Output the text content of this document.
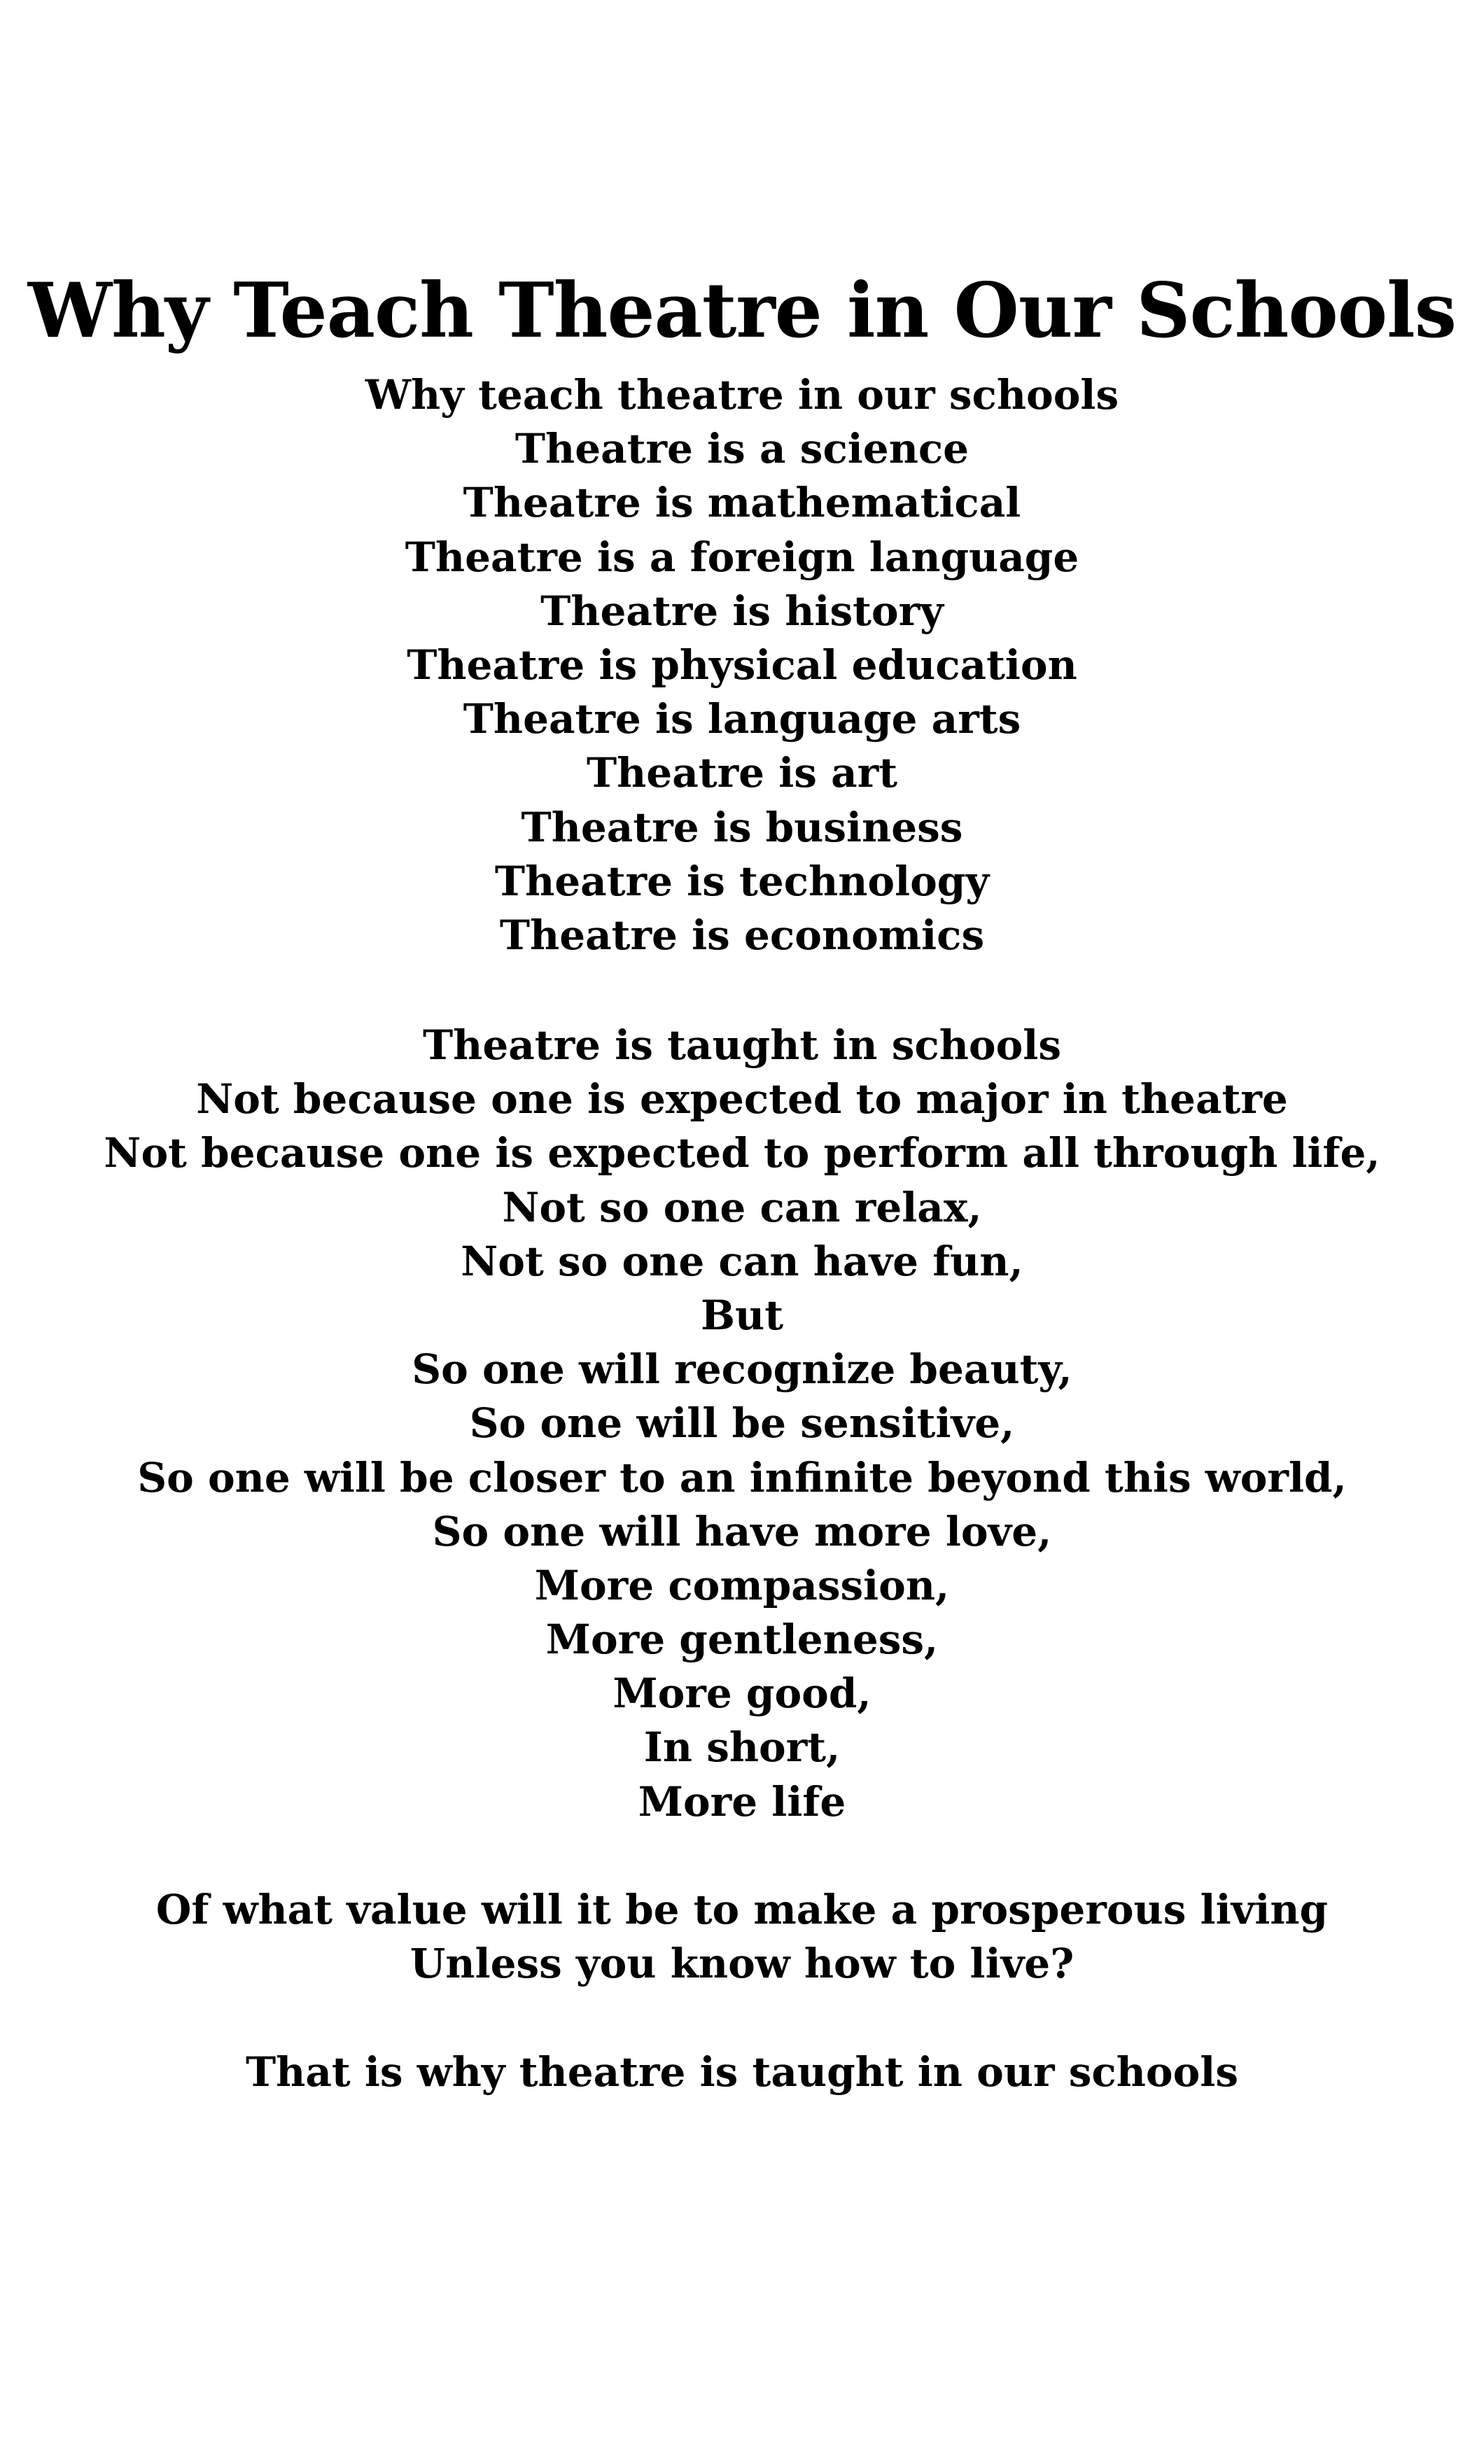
Why Teach Theatre in Our Schools
Why teach theatre in our schools
Theatre is a science
Theatre is mathematical
Theatre is a foreign language
Theatre is history
Theatre is physical education
Theatre is language arts
Theatre is art
Theatre is business
Theatre is technology
Theatre is economics
Theatre is taught in schools
Not because one is expected to major in theatre
Not because one is expected to perform all through life,
Not so one can relax,
Not so one can have fun,
But
So one will recognize beauty,
So one will be sensitive,
So one will be closer to an infinite beyond this world,
So one will have more love,
More compassion,
More gentleness,
More good,
In short,
More life
Of what value will it be to make a prosperous living
Unless you know how to live?
That is why theatre is taught in our schools
